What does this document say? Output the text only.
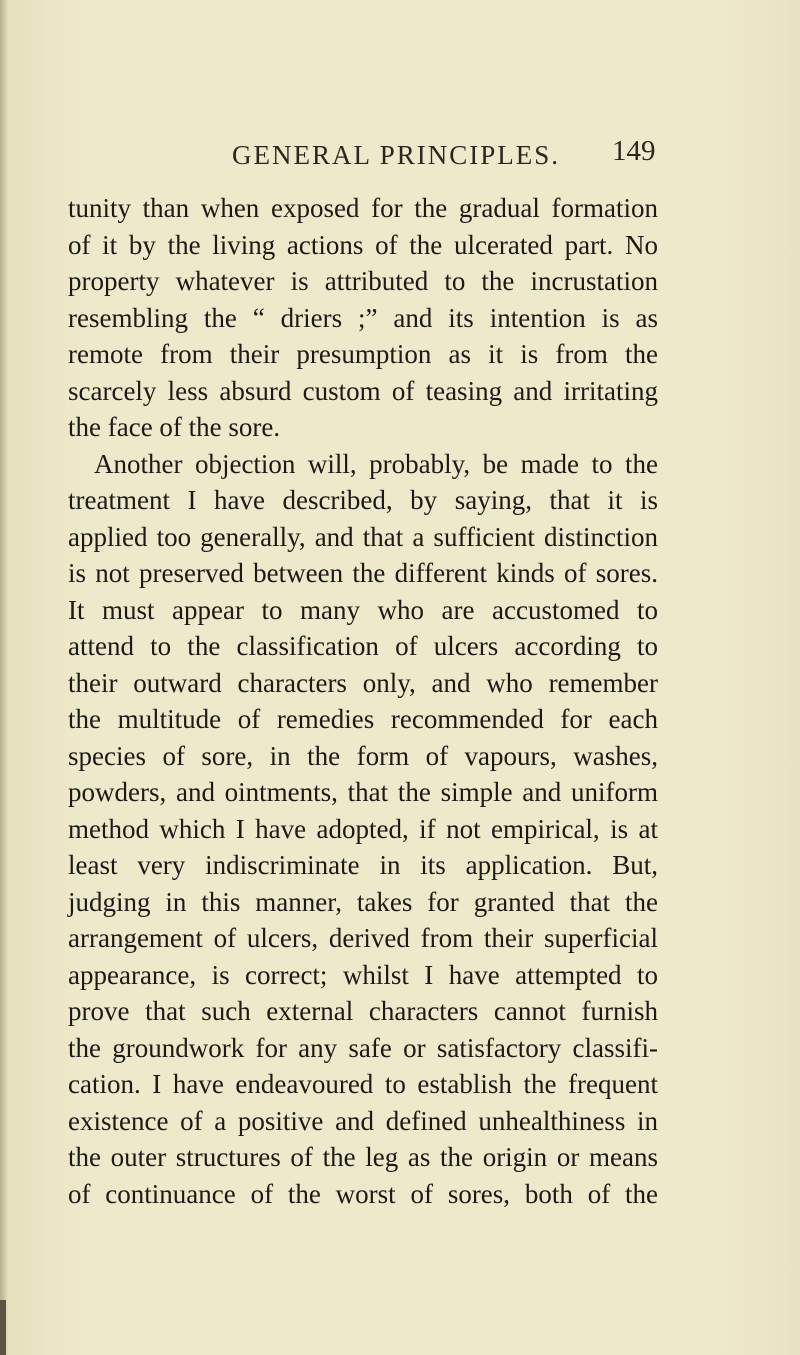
GENERAL PRINCIPLES. 149
tunity than when exposed for the gradual formation
of it by the living actions of the ulcerated part. No
property whatever is attributed to the incrustation
resembling the “ driers ;” and its intention is as
remote from their presumption as it is from the
scarcely less absurd custom of teasing and irritating
the face of the sore.
Another objection will, probably, be made to the
treatment I have described, by saying, that it is
applied too generally, and that a sufficient distinction
is not preserved between the different kinds of sores.
It must appear to many who are accustomed to
attend to the classification of ulcers according to
their outward characters only, and who remember
the multitude of remedies recommended for each
species of sore, in the form of vapours, washes,
powders, and ointments, that the simple and uniform
method which I have adopted, if not empirical, is at
least very indiscriminate in its application. But,
judging in this manner, takes for granted that the
arrangement of ulcers, derived from their superficial
appearance, is correct; whilst I have attempted to
prove that such external characters cannot furnish
the groundwork for any safe or satisfactory classifi-
cation. I have endeavoured to establish the frequent
existence of a positive and defined unhealthiness in
the outer structures of the leg as the origin or means
of continuance of the worst of sores, both of the
